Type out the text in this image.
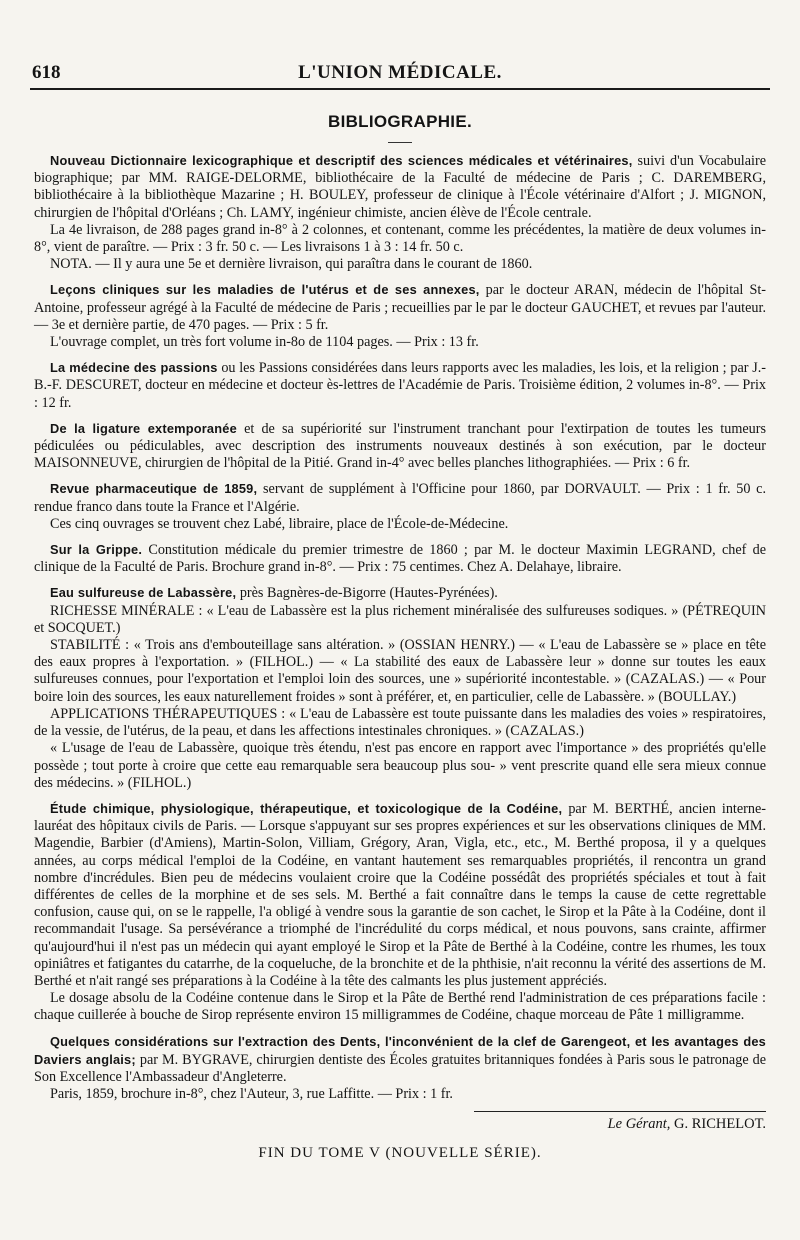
618	L'UNION MÉDICALE.
BIBLIOGRAPHIE.

Nouveau Dictionnaire lexicographique et descriptif des sciences médicales et vétérinaires, suivi d'un Vocabulaire biographique; par MM. RAIGE-DELORME, bibliothécaire de la Faculté de médecine de Paris ; C. DAREMBERG, bibliothécaire à la bibliothèque Mazarine ; H. BOULEY, professeur de clinique à l'École vétérinaire d'Alfort ; J. MIGNON, chirurgien de l'hôpital d'Orléans ; Ch. LAMY, ingénieur chimiste, ancien élève de l'École centrale.

La 4e livraison, de 288 pages grand in-8° à 2 colonnes, et contenant, comme les précédentes, la matière de deux volumes in-8°, vient de paraître. — Prix : 3 fr. 50 c. — Les livraisons 1 à 3 : 14 fr. 50 c.

NOTA. — Il y aura une 5e et dernière livraison, qui paraîtra dans le courant de 1860.

Leçons cliniques sur les maladies de l'utérus et de ses annexes, par le docteur ARAN, médecin de l'hôpital St-Antoine, professeur agrégé à la Faculté de médecine de Paris ; recueillies par le par le docteur GAUCHET, et revues par l'auteur. — 3e et dernière partie, de 470 pages. — Prix : 5 fr.

L'ouvrage complet, un très fort volume in-8o de 1104 pages. — Prix : 13 fr.

La médecine des passions ou les Passions considérées dans leurs rapports avec les maladies, les lois, et la religion ; par J.-B.-F. DESCURET, docteur en médecine et docteur ès-lettres de l'Académie de Paris. Troisième édition, 2 volumes in-8°. — Prix : 12 fr.

De la ligature extemporanée et de sa supériorité sur l'instrument tranchant pour l'extirpation de toutes les tumeurs pédiculées ou pédiculables, avec description des instruments nouveaux destinés à son exécution, par le docteur MAISONNEUVE, chirurgien de l'hôpital de la Pitié. Grand in-4° avec belles planches lithographiées. — Prix : 6 fr.

Revue pharmaceutique de 1859, servant de supplément à l'Officine pour 1860, par DORVAULT. — Prix : 1 fr. 50 c. rendue franco dans toute la France et l'Algérie.

Ces cinq ouvrages se trouvent chez Labé, libraire, place de l'École-de-Médecine.

Sur la Grippe. Constitution médicale du premier trimestre de 1860 ; par M. le docteur Maximin LEGRAND, chef de clinique de la Faculté de Paris. Brochure grand in-8°. — Prix : 75 centimes. Chez A. Delahaye, libraire.

Eau sulfureuse de Labassère, près Bagnères-de-Bigorre (Hautes-Pyrénées).

RICHESSE MINÉRALE : « L'eau de Labassère est la plus richement minéralisée des sulfureuses sodiques. » (PÉTREQUIN et SOCQUET.)

STABILITÉ : « Trois ans d'embouteillage sans altération. » (OSSIAN HENRY.) — « L'eau de Labassère se » place en tête des eaux propres à l'exportation. » (FILHOL.) — « La stabilité des eaux de Labassère leur » donne sur toutes les eaux sulfureuses connues, pour l'exportation et l'emploi loin des sources, une » supériorité incontestable. » (CAZALAS.) — « Pour boire loin des sources, les eaux naturellement froides » sont à préférer, et, en particulier, celle de Labassère. » (BOULLAY.)

APPLICATIONS THÉRAPEUTIQUES : « L'eau de Labassère est toute puissante dans les maladies des voies » respiratoires, de la vessie, de l'utérus, de la peau, et dans les affections intestinales chroniques. » (CAZALAS.)

« L'usage de l'eau de Labassère, quoique très étendu, n'est pas encore en rapport avec l'importance » des propriétés qu'elle possède ; tout porte à croire que cette eau remarquable sera beaucoup plus sou- » vent prescrite quand elle sera mieux connue des médecins. » (FILHOL.)

Étude chimique, physiologique, thérapeutique, et toxicologique de la Codéine, par M. BERTHÉ, ancien interne-lauréat des hôpitaux civils de Paris. — Lorsque s'appuyant sur ses propres expériences et sur les observations cliniques de MM. Magendie, Barbier (d'Amiens), Martin-Solon, Villiam, Grégory, Aran, Vigla, etc., etc., M. Berthé proposa, il y a quelques années, au corps médical l'emploi de la Codéine, en vantant hautement ses remarquables propriétés, il rencontra un grand nombre d'incrédules. Bien peu de médecins voulaient croire que la Codéine possédât des propriétés spéciales et tout à fait différentes de celles de la morphine et de ses sels. M. Berthé a fait connaître dans le temps la cause de cette regrettable confusion, cause qui, on se le rappelle, l'a obligé à vendre sous la garantie de son cachet, le Sirop et la Pâte à la Codéine, dont il recommandait l'usage. Sa persévérance a triomphé de l'incrédulité du corps médical, et nous pouvons, sans crainte, affirmer qu'aujourd'hui il n'est pas un médecin qui ayant employé le Sirop et la Pâte de Berthé à la Codéine, contre les rhumes, les toux opiniâtres et fatigantes du catarrhe, de la coqueluche, de la bronchite et de la phthisie, n'ait reconnu la vérité des assertions de M. Berthé et n'ait rangé ses préparations à la Codéine à la tête des calmants les plus justement appréciés.

Le dosage absolu de la Codéine contenue dans le Sirop et la Pâte de Berthé rend l'administration de ces préparations facile : chaque cuillerée à bouche de Sirop représente environ 15 milligrammes de Codéine, chaque morceau de Pâte 1 milligramme.

Quelques considérations sur l'extraction des Dents, l'inconvénient de la clef de Garengeot, et les avantages des Daviers anglais; par M. BYGRAVE, chirurgien dentiste des Écoles gratuites britanniques fondées à Paris sous le patronage de Son Excellence l'Ambassadeur d'Angleterre.

Paris, 1859, brochure in-8°, chez l'Auteur, 3, rue Laffitte. — Prix : 1 fr.

Le Gérant, G. RICHELOT.
FIN DU TOME V (NOUVELLE SÉRIE).
